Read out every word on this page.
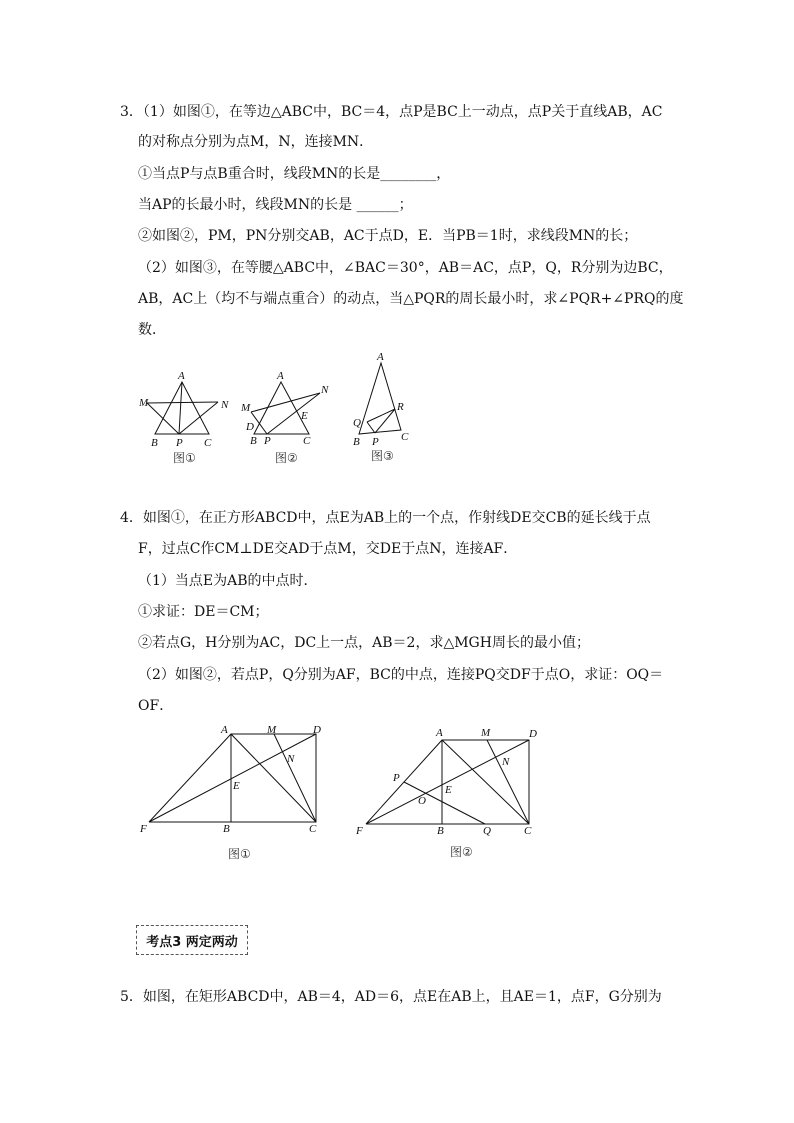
3．（1）如图①，在等边△ABC中，BC＝4，点P是BC上一动点，点P关于直线AB，AC
的对称点分别为点M，N，连接MN．
①当点P与点B重合时，线段MN的长是________，
当AP的长最小时，线段MN的长是 ______；
②如图②，PM，PN分别交AB，AC于点D，E．当PB＝1时，求线段MN的长；
（2）如图③，在等腰△ABC中，∠BAC＝30°，AB＝AC，点P，Q，R分别为边BC，
AB，AC上（均不与端点重合）的动点，当△PQR的周长最小时，求∠PQR+∠PRQ的度
数．
A
M	N
B P C
图①
A
M
N
D
E
B P	C
图②
A
Q
R
B P C
图③
4．如图①，在正方形ABCD中，点E为AB上的一个点，作射线DE交CB的延长线于点
F，过点C作CM⊥DE交AD于点M，交DE于点N，连接AF．
（1）当点E为AB的中点时．
①求证：DE＝CM；
②若点G，H分别为AC，DC上一点，AB＝2，求△MGH周长的最小值；
（2）如图②，若点P，Q分别为AF，BC的中点，连接PQ交DF于点O，求证：OQ＝
OF．
A	M	D
N
E
F	B	C
图①
A	M	D
N
P
E
O
F	B	Q	C
图②
考点3 两定两动
5．如图，在矩形ABCD中，AB＝4，AD＝6，点E在AB上，且AE＝1，点F，G分别为
